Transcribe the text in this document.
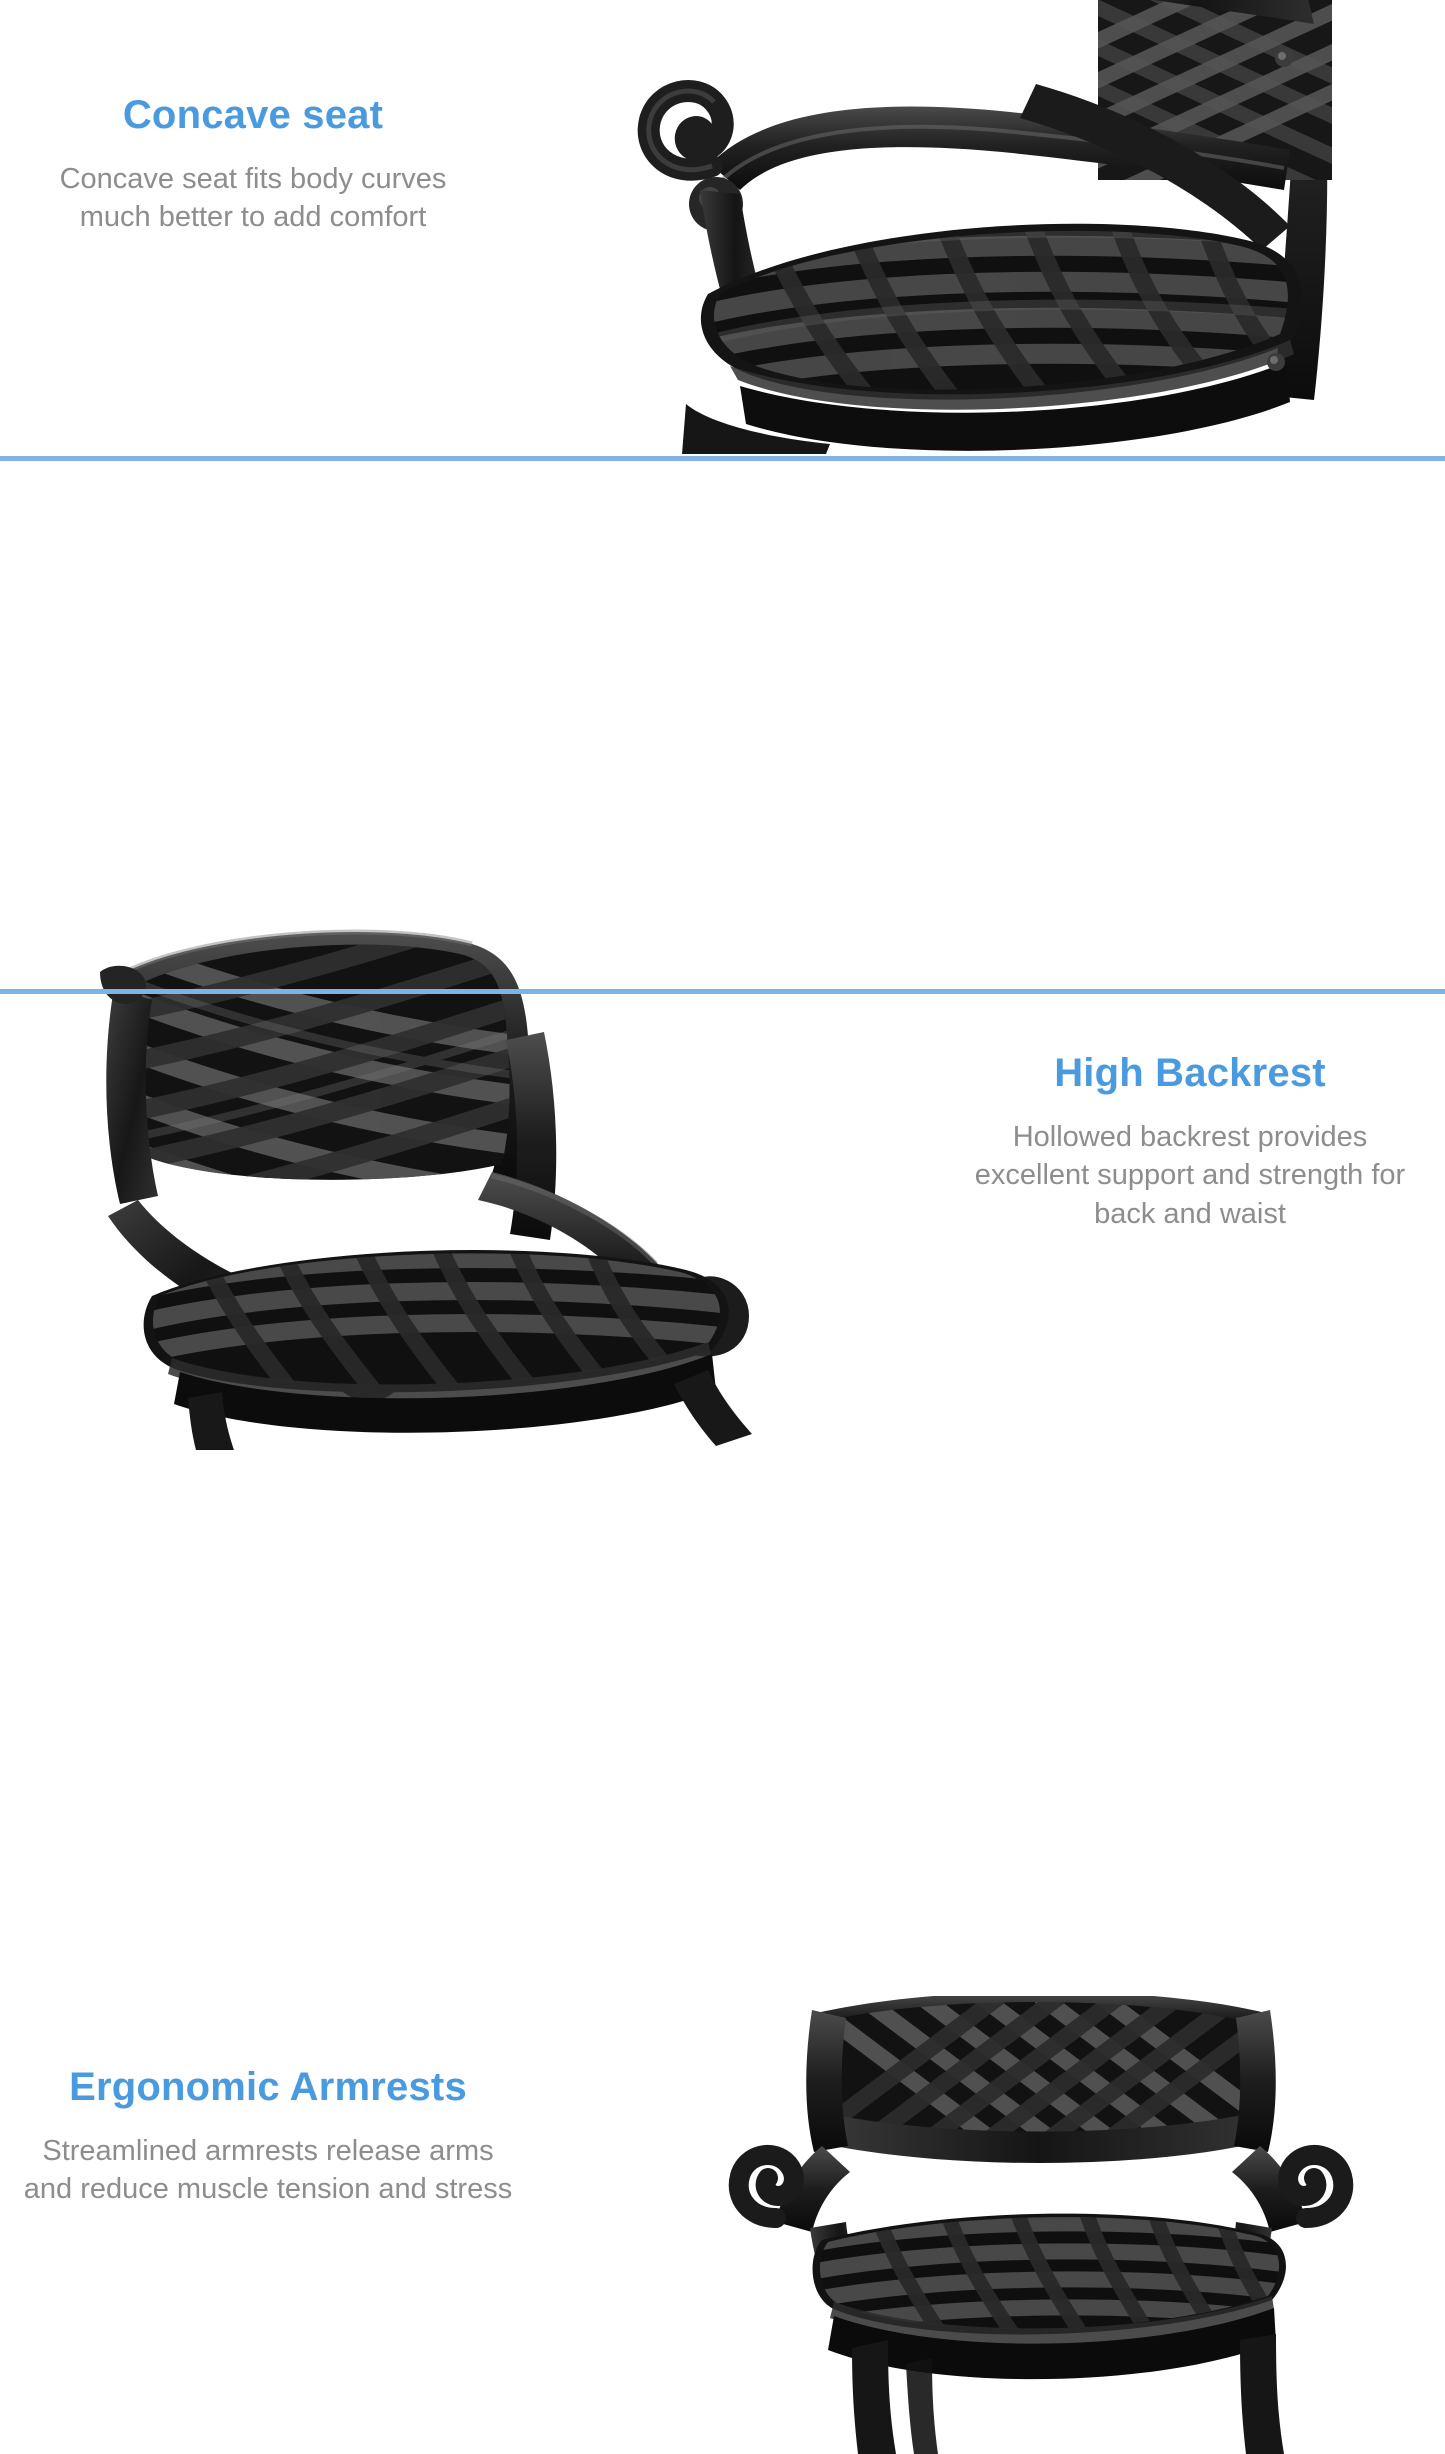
Concave seat

Concave seat fits body curves much better to add comfort

High Backrest

Hollowed backrest provides excellent support and strength for back and waist

Ergonomic Armrests

Streamlined armrests release arms and reduce muscle tension and stress
